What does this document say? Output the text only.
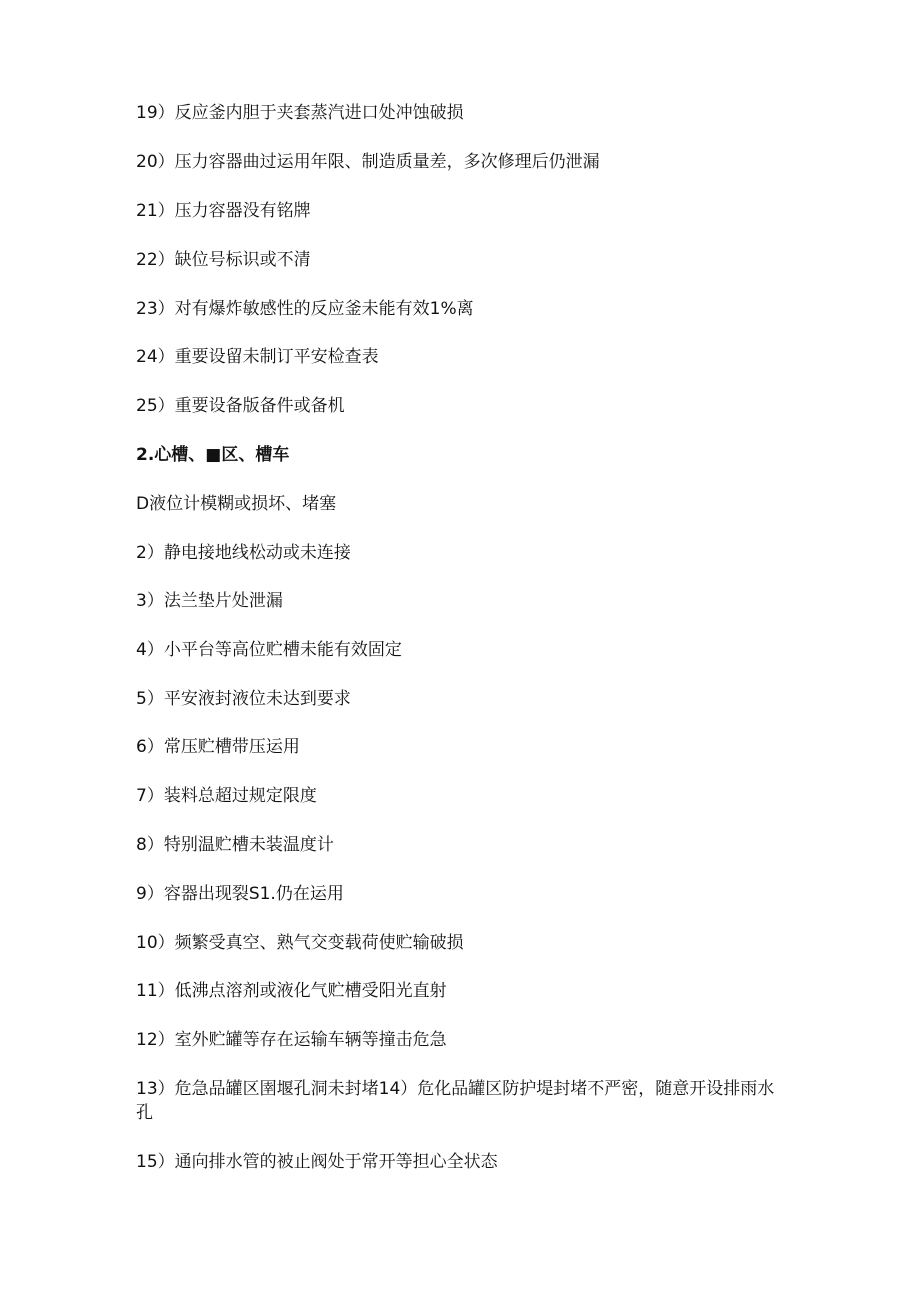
19）反应釜内胆于夹套蒸汽进口处冲蚀破损
20）压力容器曲过运用年限、制造质量差，多次修理后仍泄漏
21）压力容器没有铭牌
22）缺位号标识或不清
23）对有爆炸敏感性的反应釜未能有效1%离
24）重要设留未制订平安检查表
25）重要设备版备件或备机
2.心槽、■区、槽车
D液位计模糊或损坏、堵塞
2）静电接地线松动或未连接
3）法兰垫片处泄漏
4）小平台等高位贮槽未能有效固定
5）平安液封液位未达到要求
6）常压贮槽带压运用
7）装料总超过规定限度
8）特别温贮槽未装温度计
9）容器出现裂S1.仍在运用
10）频繁受真空、熟气交变载荷使贮输破损
11）低沸点溶剂或液化气贮槽受阳光直射
12）室外贮罐等存在运输车辆等撞击危急
13）危急品罐区圉堰孔洞未封堵14）危化品罐区防护堤封堵不严密，随意开设排雨水孔
15）通向排水管的被止阀处于常开等担心全状态
